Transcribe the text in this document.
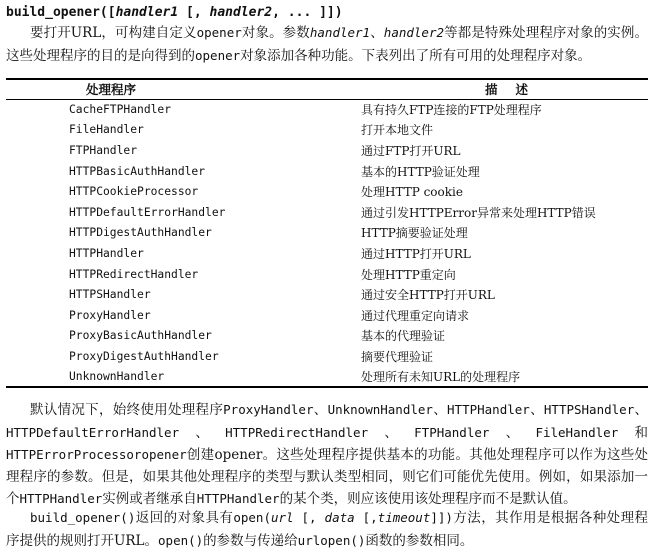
build_opener([handler1 [, handler2, ... ]])

要打开URL，可构建自定义opener对象。参数handler1、handler2等都是特殊处理程序对象的实例。这些处理程序的目的是向得到的opener对象添加各种功能。下表列出了所有可用的处理程序对象。

处理程序	描述
CacheFTPHandler	具有持久FTP连接的FTP处理程序
FileHandler	打开本地文件
FTPHandler	通过FTP打开URL
HTTPBasicAuthHandler	基本的HTTP验证处理
HTTPCookieProcessor	处理HTTP cookie
HTTPDefaultErrorHandler	通过引发HTTPError异常来处理HTTP错误
HTTPDigestAuthHandler	HTTP摘要验证处理
HTTPHandler	通过HTTP打开URL
HTTPRedirectHandler	处理HTTP重定向
HTTPSHandler	通过安全HTTP打开URL
ProxyHandler	通过代理重定向请求
ProxyBasicAuthHandler	基本的代理验证
ProxyDigestAuthHandler	摘要代理验证
UnknownHandler	处理所有未知URL的处理程序

默认情况下，始终使用处理程序ProxyHandler、UnknownHandler、HTTPHandler、HTTPSHandler、HTTPDefaultErrorHandler、HTTPRedirectHandler、FTPHandler、FileHandler和HTTPErrorProcessoropener创建opener。这些处理程序提供基本的功能。其他处理程序可以作为这些处理程序的参数。但是，如果其他处理程序的类型与默认类型相同，则它们可能优先使用。例如，如果添加一个HTTPHandler实例或者继承自HTTPHandler的某个类，则应该使用该处理程序而不是默认值。

build_opener()返回的对象具有open(url [, data [,timeout]])方法，其作用是根据各种处理程序提供的规则打开URL。open()的参数与传递给urlopen()函数的参数相同。
